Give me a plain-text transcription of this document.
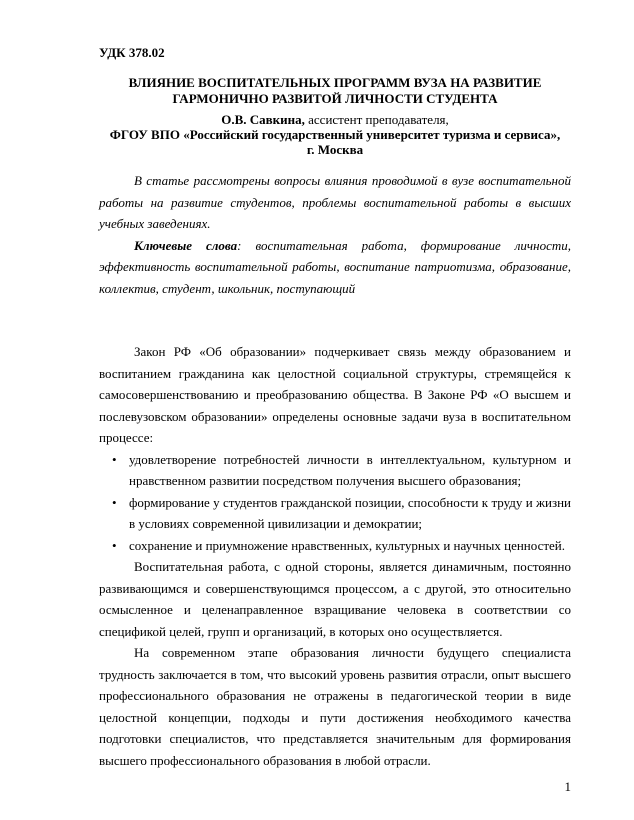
УДК 378.02
ВЛИЯНИЕ ВОСПИТАТЕЛЬНЫХ ПРОГРАММ ВУЗА НА РАЗВИТИЕ ГАРМОНИЧНО РАЗВИТОЙ ЛИЧНОСТИ СТУДЕНТА
О.В. Савкина, ассистент преподавателя,
ФГОУ ВПО «Российский государственный университет туризма и сервиса»,
г. Москва

В статье рассмотрены вопросы влияния проводимой в вузе воспитательной работы на развитие студентов, проблемы воспитательной работы в высших учебных заведениях.

Ключевые слова: воспитательная работа, формирование личности, эффективность воспитательной работы, воспитание патриотизма, образование, коллектив, студент, школьник, поступающий

Закон РФ «Об образовании» подчеркивает связь между образованием и воспитанием гражданина как целостной социальной структуры, стремящейся к самосовершенствованию и преобразованию общества. В Законе РФ «О высшем и послевузовском образовании» определены основные задачи вуза в воспитательном процессе:

• удовлетворение потребностей личности в интеллектуальном, культурном и нравственном развитии посредством получения высшего образования;
• формирование у студентов гражданской позиции, способности к труду и жизни в условиях современной цивилизации и демократии;
• сохранение и приумножение нравственных, культурных и научных ценностей.

Воспитательная работа, с одной стороны, является динамичным, постоянно развивающимся и совершенствующимся процессом, а с другой, это относительно осмысленное и целенаправленное взращивание человека в соответствии со спецификой целей, групп и организаций, в которых оно осуществляется.

На современном этапе образования личности будущего специалиста трудность заключается в том, что высокий уровень развития отрасли, опыт высшего профессионального образования не отражены в педагогической теории в виде целостной концепции, подходы и пути достижения необходимого качества подготовки специалистов, что представляется значительным для формирования высшего профессионального образования в любой отрасли.

1
